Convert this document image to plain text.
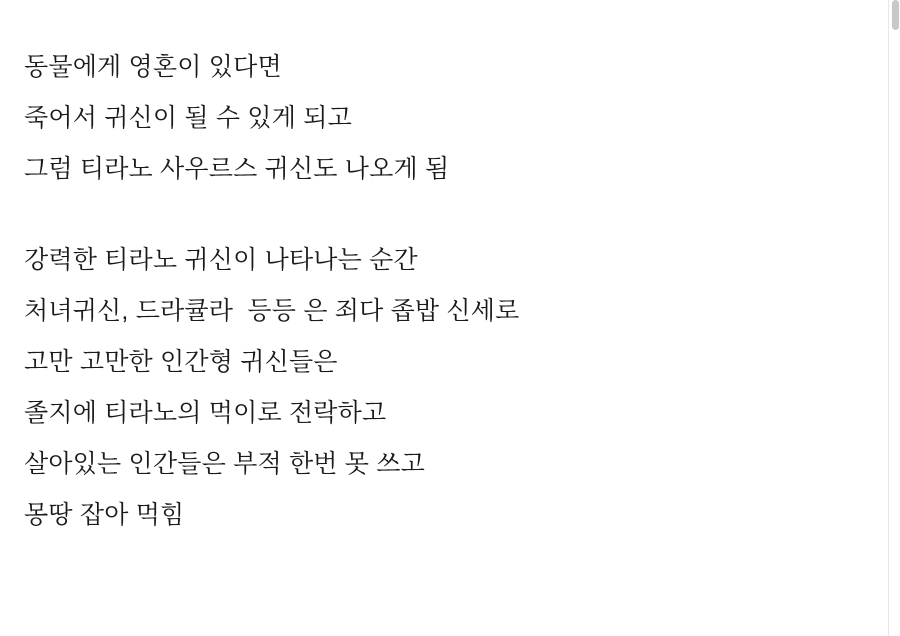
동물에게 영혼이 있다면
죽어서 귀신이 될 수 있게 되고
그럼 티라노 사우르스 귀신도 나오게 됨
강력한 티라노 귀신이 나타나는 순간
처녀귀신, 드라큘라  등등 은 죄다 좁밥 신세로
고만 고만한 인간형 귀신들은
졸지에 티라노의 먹이로 전락하고
살아있는 인간들은 부적 한번 못 쓰고
몽땅 잡아 먹힘
